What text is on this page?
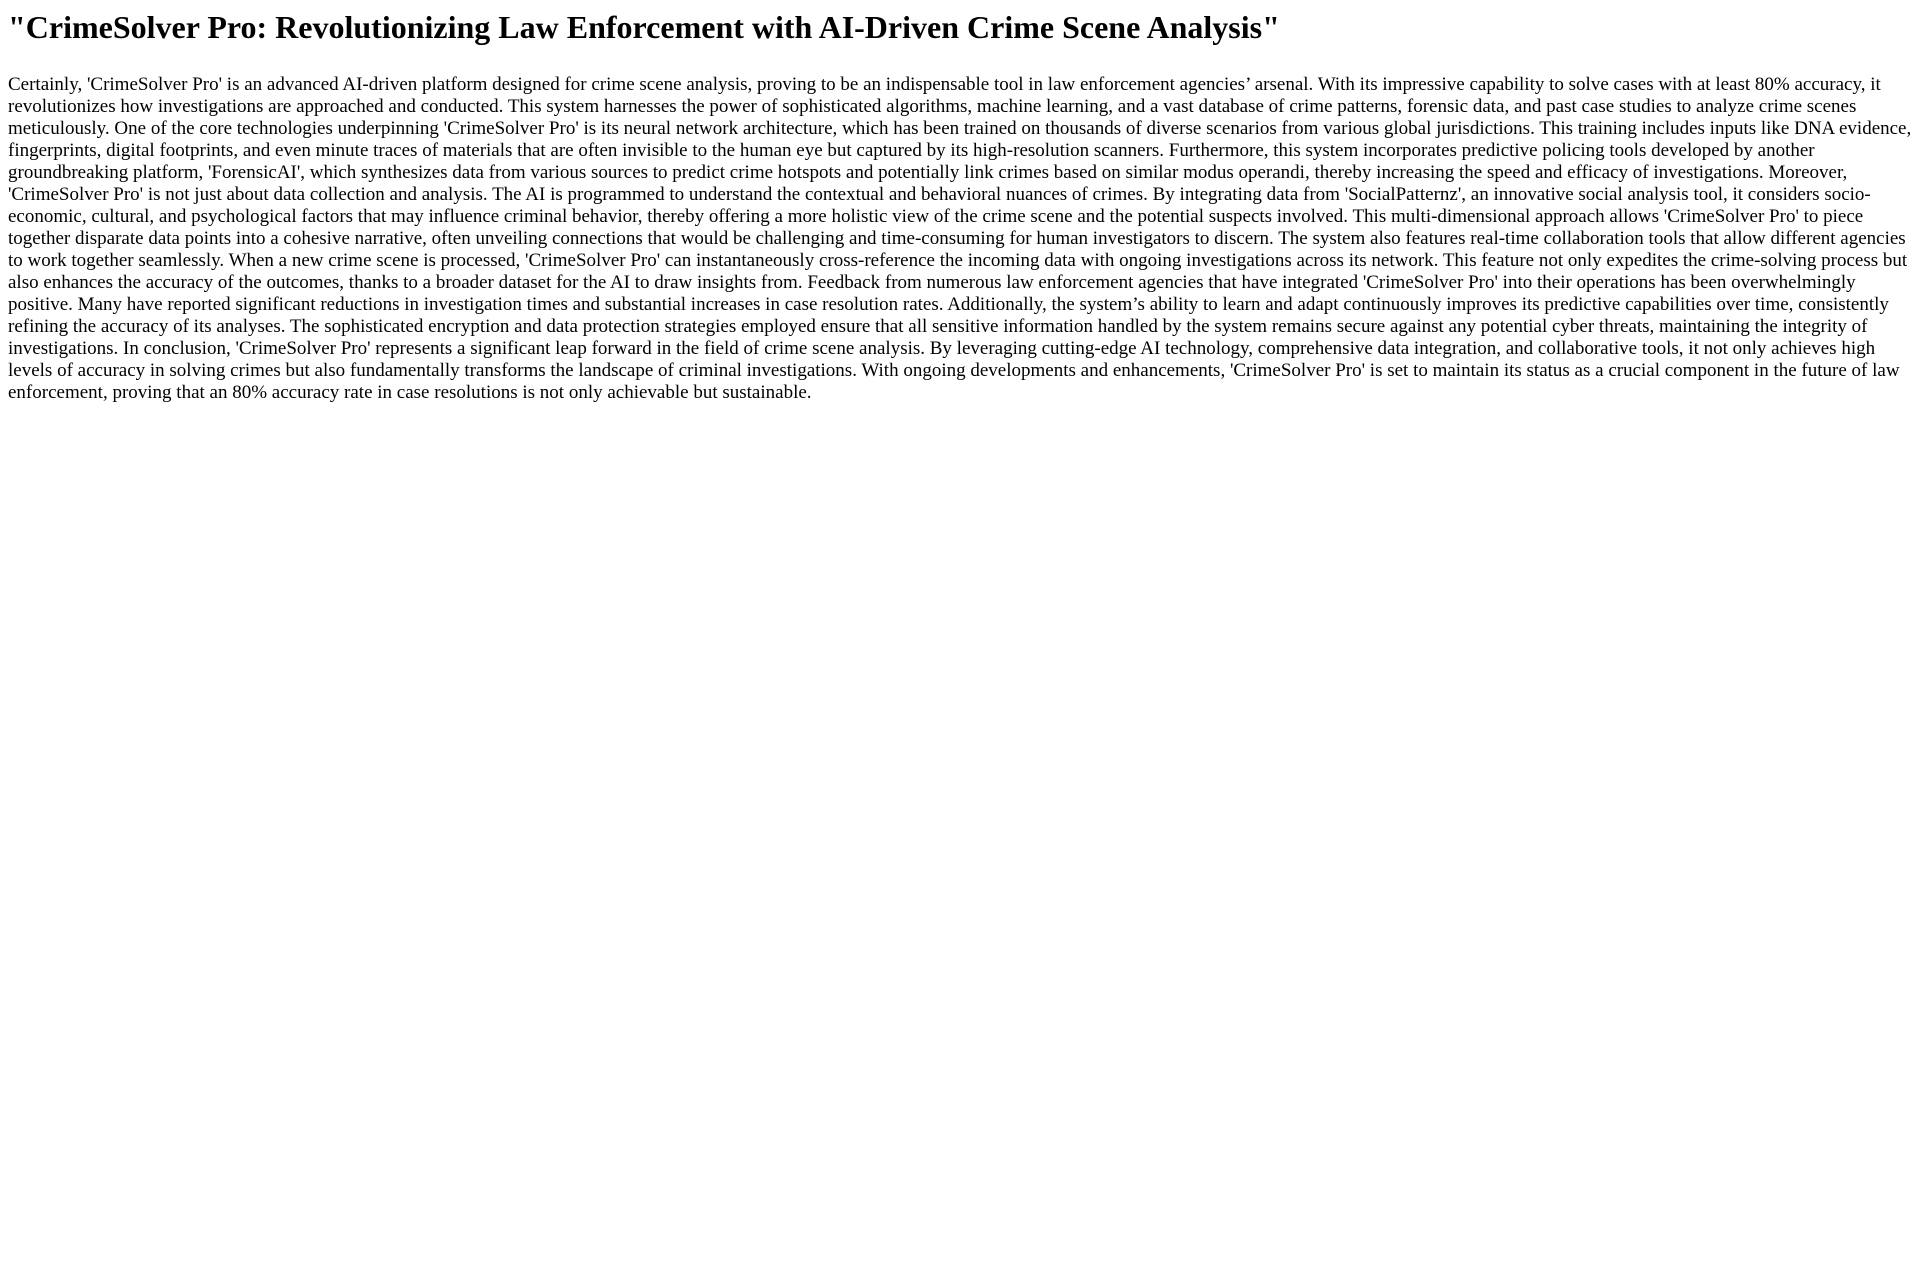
"CrimeSolver Pro: Revolutionizing Law Enforcement with AI-Driven Crime Scene Analysis"

Certainly, 'CrimeSolver Pro' is an advanced AI-driven platform designed for crime scene analysis, proving to be an indispensable tool in law enforcement agencies’ arsenal. With its impressive capability to solve cases with at least 80% accuracy, it revolutionizes how investigations are approached and conducted. This system harnesses the power of sophisticated algorithms, machine learning, and a vast database of crime patterns, forensic data, and past case studies to analyze crime scenes meticulously. One of the core technologies underpinning 'CrimeSolver Pro' is its neural network architecture, which has been trained on thousands of diverse scenarios from various global jurisdictions. This training includes inputs like DNA evidence, fingerprints, digital footprints, and even minute traces of materials that are often invisible to the human eye but captured by its high-resolution scanners. Furthermore, this system incorporates predictive policing tools developed by another groundbreaking platform, 'ForensicAI', which synthesizes data from various sources to predict crime hotspots and potentially link crimes based on similar modus operandi, thereby increasing the speed and efficacy of investigations. Moreover, 'CrimeSolver Pro' is not just about data collection and analysis. The AI is programmed to understand the contextual and behavioral nuances of crimes. By integrating data from 'SocialPatternz', an innovative social analysis tool, it considers socio-economic, cultural, and psychological factors that may influence criminal behavior, thereby offering a more holistic view of the crime scene and the potential suspects involved. This multi-dimensional approach allows 'CrimeSolver Pro' to piece together disparate data points into a cohesive narrative, often unveiling connections that would be challenging and time-consuming for human investigators to discern. The system also features real-time collaboration tools that allow different agencies to work together seamlessly. When a new crime scene is processed, 'CrimeSolver Pro' can instantaneously cross-reference the incoming data with ongoing investigations across its network. This feature not only expedites the crime-solving process but also enhances the accuracy of the outcomes, thanks to a broader dataset for the AI to draw insights from. Feedback from numerous law enforcement agencies that have integrated 'CrimeSolver Pro' into their operations has been overwhelmingly positive. Many have reported significant reductions in investigation times and substantial increases in case resolution rates. Additionally, the system’s ability to learn and adapt continuously improves its predictive capabilities over time, consistently refining the accuracy of its analyses. The sophisticated encryption and data protection strategies employed ensure that all sensitive information handled by the system remains secure against any potential cyber threats, maintaining the integrity of investigations. In conclusion, 'CrimeSolver Pro' represents a significant leap forward in the field of crime scene analysis. By leveraging cutting-edge AI technology, comprehensive data integration, and collaborative tools, it not only achieves high levels of accuracy in solving crimes but also fundamentally transforms the landscape of criminal investigations. With ongoing developments and enhancements, 'CrimeSolver Pro' is set to maintain its status as a crucial component in the future of law enforcement, proving that an 80% accuracy rate in case resolutions is not only achievable but sustainable.
